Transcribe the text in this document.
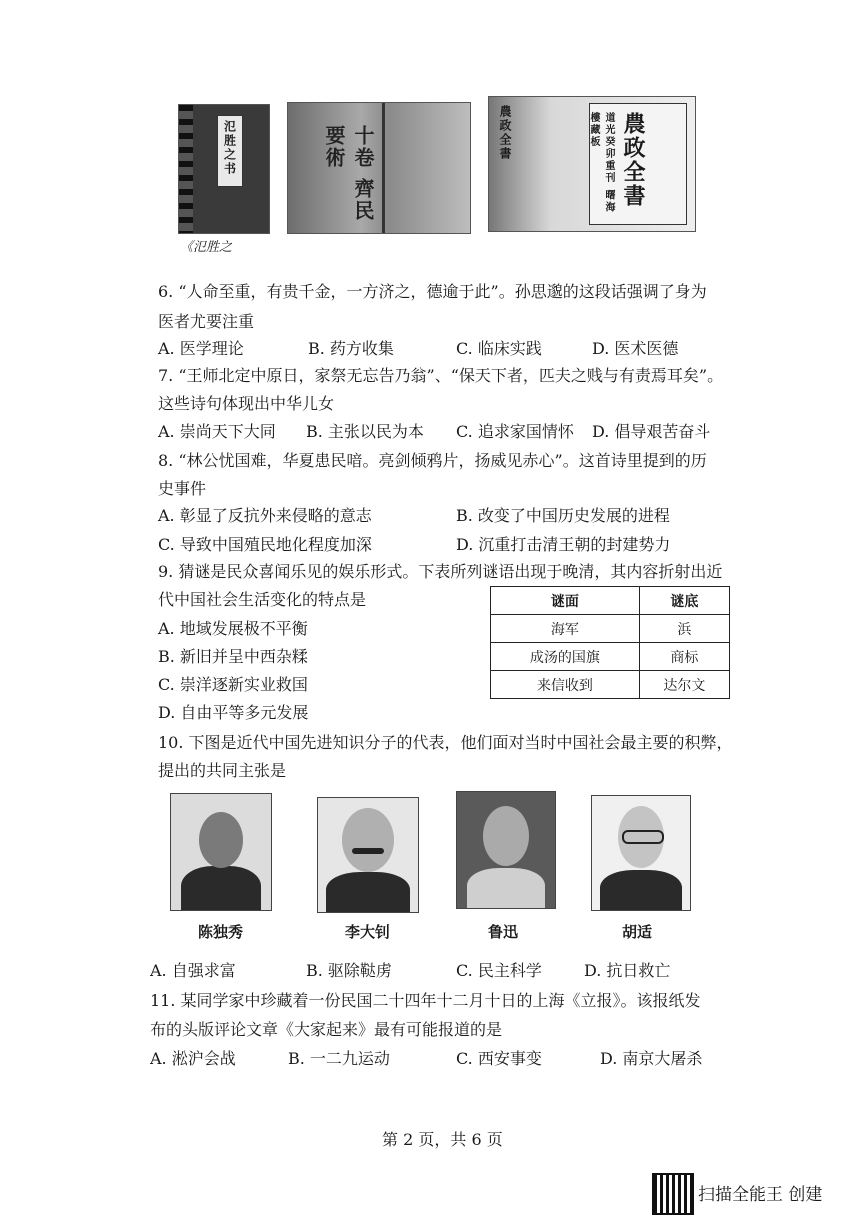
氾胜之书
《氾胜之
十卷 齊民要術	農政全書	農政全書
道光癸卯重刊 曙海樓藏板
6. “人命至重，有贵千金，一方济之，德逾于此”。孙思邈的这段话强调了身为
医者尤要注重
A. 医学理论	B. 药方收集	C. 临床实践	D. 医术医德
7. “王师北定中原日，家祭无忘告乃翁”、“保天下者，匹夫之贱与有责焉耳矣”。
这些诗句体现出中华儿女
A. 崇尚天下大同 B. 主张以民为本 C. 追求家国情怀 D. 倡导艰苦奋斗
8. “林公忧国难，华夏患民喑。亮剑倾鸦片，扬威见赤心”。这首诗里提到的历
史事件
A. 彰显了反抗外来侵略的意志	B. 改变了中国历史发展的进程
C. 导致中国殖民地化程度加深	D. 沉重打击清王朝的封建势力
9. 猜谜是民众喜闻乐见的娱乐形式。下表所列谜语出现于晚清，其内容折射出近
代中国社会生活变化的特点是
A. 地域发展极不平衡
B. 新旧并呈中西杂糅
C. 崇洋逐新实业救国
D. 自由平等多元发展
谜面	谜底
海军	浜
成汤的国旗	商标
来信收到	达尔文
10. 下图是近代中国先进知识分子的代表，他们面对当时中国社会最主要的积弊，
提出的共同主张是
陈独秀	李大钊	鲁迅	胡适
A. 自强求富	B. 驱除鞑虏	C. 民主科学	D. 抗日救亡
11. 某同学家中珍藏着一份民国二十四年十二月十日的上海《立报》。该报纸发
布的头版评论文章《大家起来》最有可能报道的是
A. 淞沪会战	B. 一二九运动	C. 西安事变	D. 南京大屠杀
第 2 页，共 6 页
扫描全能王 创建
